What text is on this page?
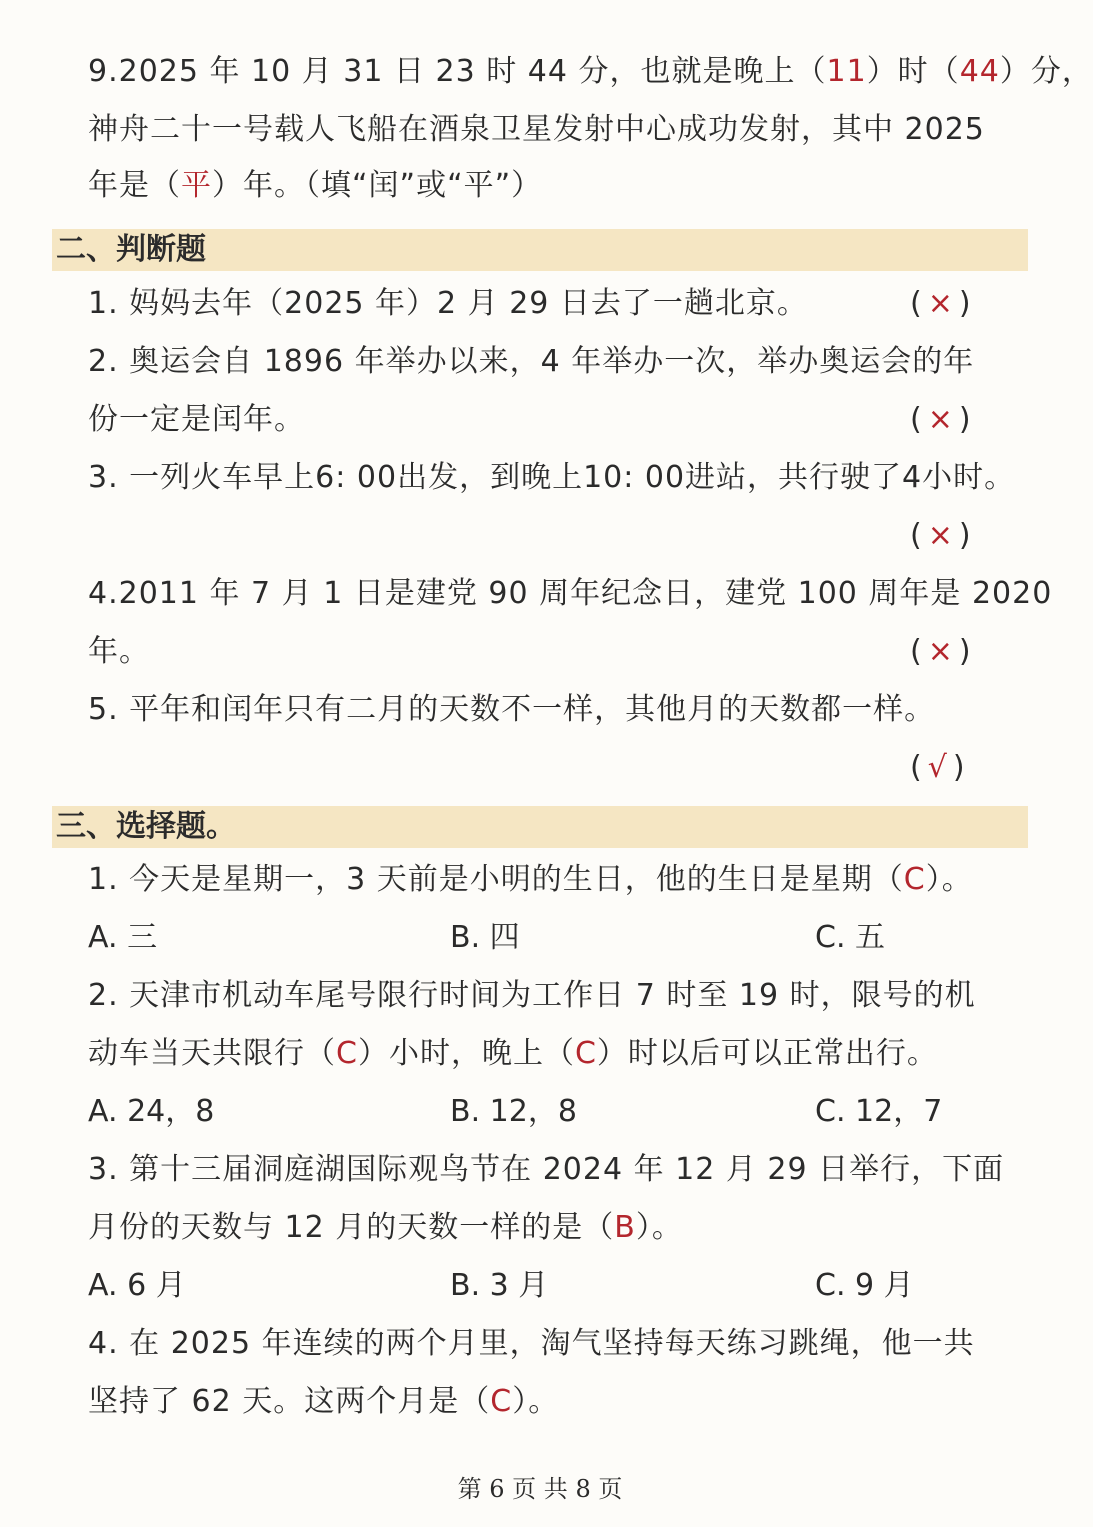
9.2025 年 10 月 31 日 23 时 44 分，也就是晚上（11）时（44）分，
神舟二十一号载人飞船在酒泉卫星发射中心成功发射，其中 2025
年是（平）年。（填“闰”或“平”）
二、判断题
1. 妈妈去年（2025 年）2 月 29 日去了一趟北京。	(×)
2. 奥运会自 1896 年举办以来，4 年举办一次，举办奥运会的年
份一定是闰年。	(×)
3. 一列火车早上6: 00出发，到晚上10: 00进站，共行驶了4小时。
(×)
4.2011 年 7 月 1 日是建党 90 周年纪念日，建党 100 周年是 2020
年。	(×)
5. 平年和闰年只有二月的天数不一样，其他月的天数都一样。
(√)
三、选择题。
1. 今天是星期一，3 天前是小明的生日，他的生日是星期（C）。
A. 三	B. 四	C. 五
2. 天津市机动车尾号限行时间为工作日 7 时至 19 时，限号的机
动车当天共限行（C）小时，晚上（C）时以后可以正常出行。
A. 24，8	B. 12，8	C. 12，7
3. 第十三届洞庭湖国际观鸟节在 2024 年 12 月 29 日举行，下面
月份的天数与 12 月的天数一样的是（B）。
A. 6 月	B. 3 月	C. 9 月
4. 在 2025 年连续的两个月里，淘气坚持每天练习跳绳，他一共
坚持了 62 天。这两个月是（C）。
第 6 页 共 8 页
